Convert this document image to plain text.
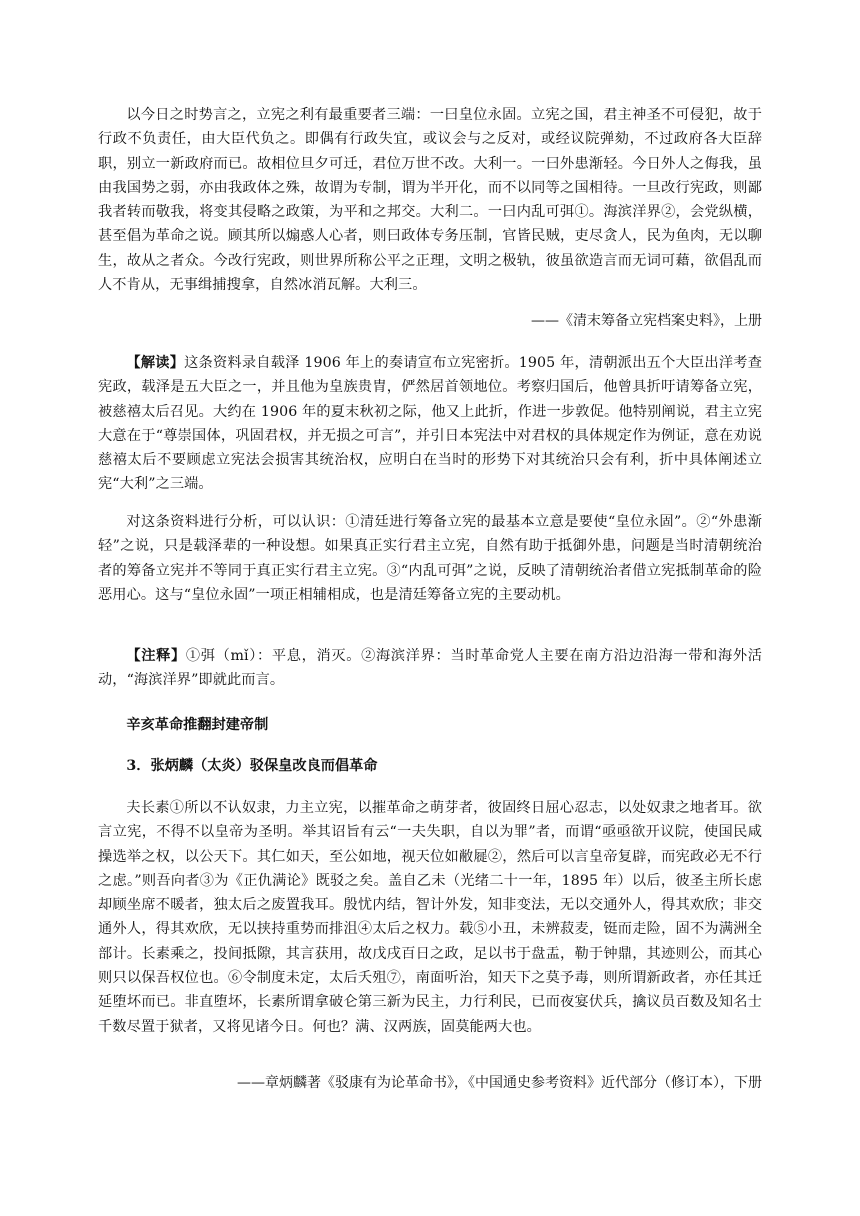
以今日之时势言之，立宪之利有最重要者三端：一曰皇位永固。立宪之国，君主神圣不可侵犯，故于行政不负责任，由大臣代负之。即偶有行政失宜，或议会与之反对，或经议院弹劾，不过政府各大臣辞职，别立一新政府而已。故相位旦夕可迁，君位万世不改。大利一。一曰外患渐轻。今日外人之侮我，虽由我国势之弱，亦由我政体之殊，故谓为专制，谓为半开化，而不以同等之国相待。一旦改行宪政，则鄙我者转而敬我，将变其侵略之政策，为平和之邦交。大利二。一曰内乱可弭①。海滨洋界②，会党纵横，甚至倡为革命之说。顾其所以煽惑人心者，则曰政体专务压制，官皆民贼，吏尽贪人，民为鱼肉，无以聊生，故从之者众。今改行宪政，则世界所称公平之正理，文明之极轨，彼虽欲造言而无词可藉，欲倡乱而人不肯从，无事缉捕搜拿，自然冰消瓦解。大利三。

——《清末筹备立宪档案史料》，上册

【解读】这条资料录自载泽 1906 年上的奏请宣布立宪密折。1905 年，清朝派出五个大臣出洋考查宪政，载泽是五大臣之一，并且他为皇族贵胄，俨然居首领地位。考察归国后，他曾具折吁请筹备立宪，被慈禧太后召见。大约在 1906 年的夏末秋初之际，他又上此折，作进一步敦促。他特别阐说，君主立宪大意在于“尊崇国体，巩固君权，并无损之可言”，并引日本宪法中对君权的具体规定作为例证，意在劝说慈禧太后不要顾虑立宪法会损害其统治权，应明白在当时的形势下对其统治只会有利，折中具体阐述立宪“大利”之三端。

对这条资料进行分析，可以认识：①清廷进行筹备立宪的最基本立意是要使“皇位永固”。②“外患渐轻”之说，只是载泽辈的一种设想。如果真正实行君主立宪，自然有助于抵御外患，问题是当时清朝统治者的筹备立宪并不等同于真正实行君主立宪。③“内乱可弭”之说，反映了清朝统治者借立宪抵制革命的险恶用心。这与“皇位永固”一项正相辅相成，也是清廷筹备立宪的主要动机。

【注释】①弭（mǐ）：平息，消灭。②海滨洋界：当时革命党人主要在南方沿边沿海一带和海外活动，“海滨洋界”即就此而言。

辛亥革命推翻封建帝制

3．张炳麟（太炎）驳保皇改良而倡革命

夫长素①所以不认奴隶，力主立宪，以摧革命之萌芽者，彼固终日屈心忍志，以处奴隶之地者耳。欲言立宪，不得不以皇帝为圣明。举其诏旨有云“一夫失职，自以为罪”者，而谓“亟亟欲开议院，使国民咸操选举之权，以公天下。其仁如天，至公如地，视天位如敝屣②，然后可以言皇帝复辟，而宪政必无不行之虑。”则吾向者③为《正仇满论》既驳之矣。盖自乙未（光绪二十一年，1895 年）以后，彼圣主所长虑却顾坐席不暖者，独太后之废置我耳。殷忧内结，智计外发，知非变法，无以交通外人，得其欢欣；非交通外人，得其欢欣，无以挟持重势而排沮④太后之权力。载⑤小丑，未辨菽麦，铤而走险，固不为满洲全部计。长素乘之，投间抵隙，其言获用，故戊戌百日之政，足以书于盘盂，勒于钟鼎，其迹则公，而其心则只以保吾权位也。⑥令制度未定，太后夭殂⑦，南面听治，知天下之莫予毒，则所谓新政者，亦任其迁延堕坏而已。非直堕坏，长素所谓拿破仑第三新为民主，力行利民，已而夜宴伏兵，擒议员百数及知名士千数尽置于狱者，又将见诸今日。何也？满、汉两族，固莫能两大也。

——章炳麟著《驳康有为论革命书》，《中国通史参考资料》近代部分（修订本），下册
